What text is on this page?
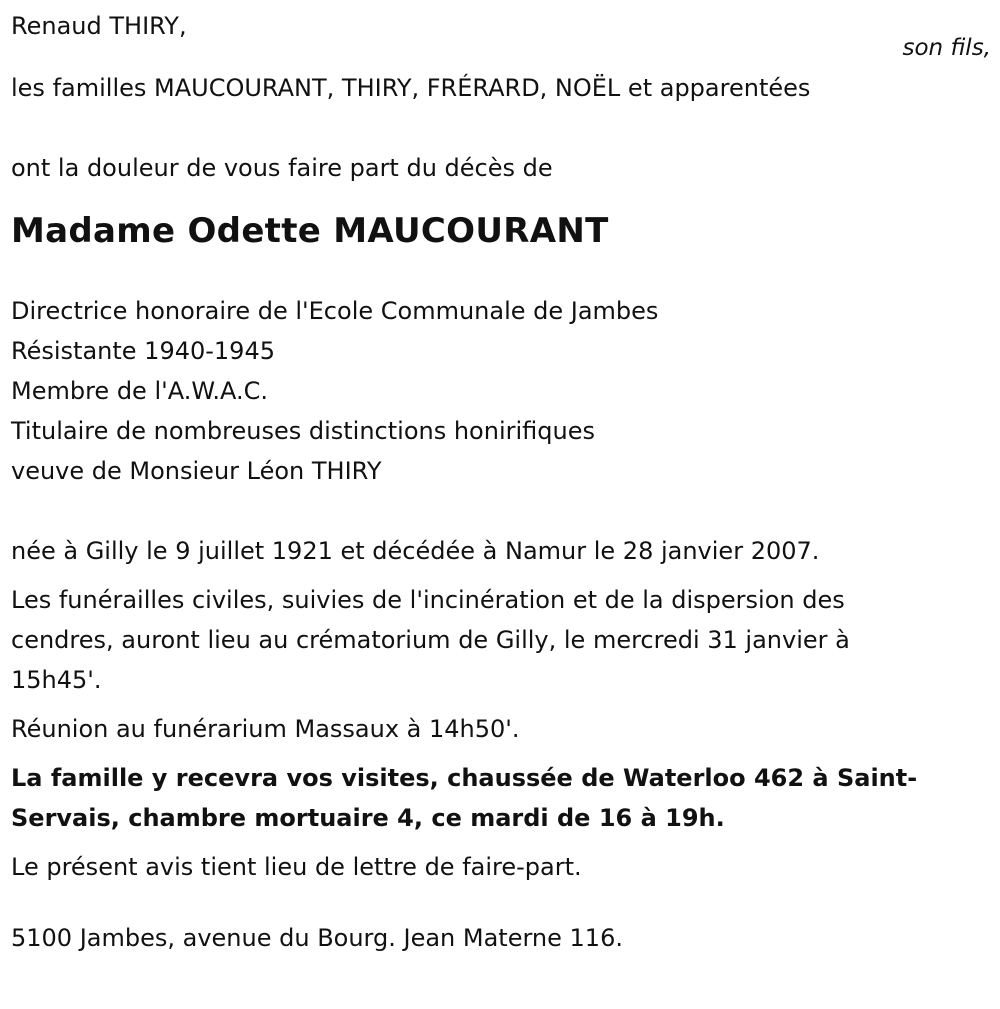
Renaud THIRY,
son fils,
les familles MAUCOURANT, THIRY, FRÉRARD, NOËL et apparentées
ont la douleur de vous faire part du décès de
Madame Odette MAUCOURANT
Directrice honoraire de l'Ecole Communale de Jambes
Résistante 1940-1945
Membre de l'A.W.A.C.
Titulaire de nombreuses distinctions honirifiques
veuve de Monsieur Léon THIRY
née à Gilly le 9 juillet 1921 et décédée à Namur le 28 janvier 2007.
Les funérailles civiles, suivies de l'incinération et de la dispersion des cendres, auront lieu au crématorium de Gilly, le mercredi 31 janvier à 15h45'.
Réunion au funérarium Massaux à 14h50'.
La famille y recevra vos visites, chaussée de Waterloo 462 à Saint-Servais, chambre mortuaire 4, ce mardi de 16 à 19h.
Le présent avis tient lieu de lettre de faire-part.
5100 Jambes, avenue du Bourg. Jean Materne 116.
